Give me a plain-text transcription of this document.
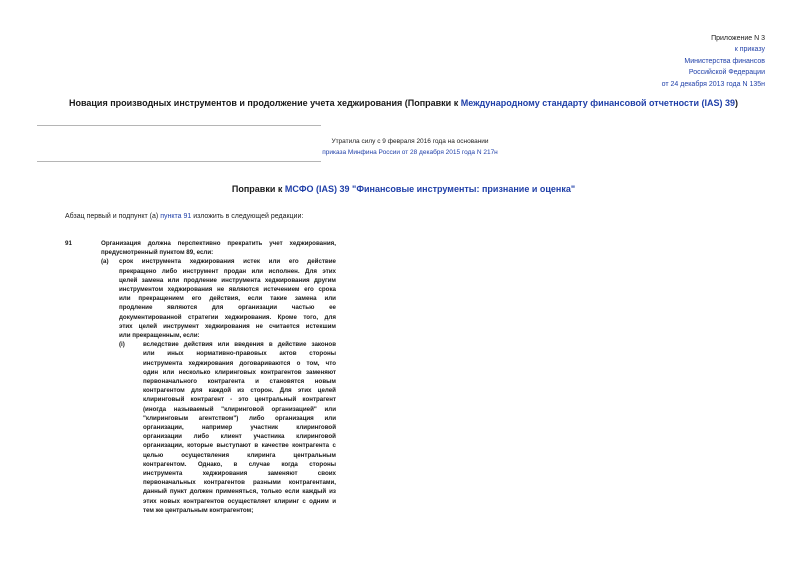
Приложение N 3
к приказу
Министерства финансов
Российской Федерации
от 24 декабря 2013 года N 135н
Новация производных инструментов и продолжение учета хеджирования (Поправки к Международному стандарту финансовой отчетности (IAS) 39)
Утратила силу с 9 февраля 2016 года на основании
приказа Минфина России от 28 декабря 2015 года N 217н
Поправки к МСФО (IAS) 39 "Финансовые инструменты: признание и оценка"
Абзац первый и подпункт (a) пункта 91 изложить в следующей редакции:
91	Организация должна перспективно прекратить учет хеджирования,
предусмотренный пунктом 89, если:
(a) срок инструмента хеджирования истек или его действие
прекращено либо инструмент продан или исполнен. Для этих
целей замена или продление инструмента хеджирования другим
инструментом хеджирования не являются истечением его срока
или прекращением его действия, если такие замена или
продление являются для организации частью ее
документированной стратегии хеджирования. Кроме того, для
этих целей инструмент хеджирования не считается истекшим
или прекращенным, если:
(i)	вследствие действия или введения в действие законов
или иных нормативно-правовых актов стороны
инструмента хеджирования договариваются о том, что
один или несколько клиринговых контрагентов заменяют
первоначального контрагента и становятся новым
контрагентом для каждой из сторон. Для этих целей
клиринговый контрагент - это центральный контрагент
(иногда называемый "клиринговой организацией" или
"клиринговым агентством") либо организация или
организации, например участник клиринговой
организации либо клиент участника клиринговой
организации, которые выступают в качестве контрагента с
целью осуществления клиринга центральным
контрагентом. Однако, в случае когда стороны
инструмента хеджирования заменяют своих
первоначальных контрагентов разными контрагентами,
данный пункт должен применяться, только если каждый из
этих новых контрагентов осуществляет клиринг с одним и
тем же центральным контрагентом;
